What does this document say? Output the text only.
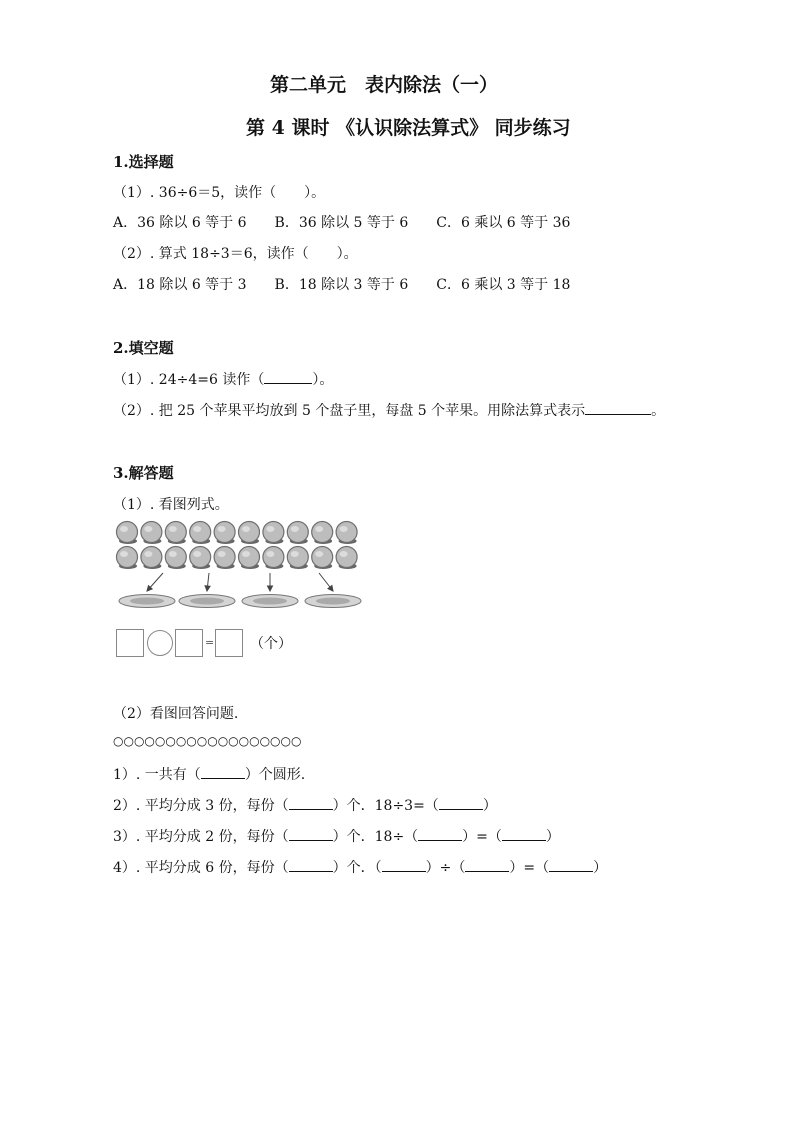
第二单元　表内除法（一）
第 4 课时 《认识除法算式》 同步练习
1.选择题
（1）. 36÷6＝5，读作（　　）。
A．36 除以 6 等于 6　　B．36 除以 5 等于 6　　C．6 乘以 6 等于 36
（2）. 算式 18÷3＝6，读作（　　）。
A．18 除以 6 等于 3　　B．18 除以 3 等于 6　　C．6 乘以 3 等于 18
2.填空题
（1）. 24÷4=6 读作（	）。
（2）. 把 25 个苹果平均放到 5 个盘子里，每盘 5 个苹果。用除法算式表示	。
3.解答题
（1）. 看图列式。
=	（个）
（2）看图回答问题.
○○○○○○○○○○○○○○○○○○
1）. 一共有（	）个圆形.
2）. 平均分成 3 份，每份（	）个．18÷3=（	）
3）. 平均分成 2 份，每份（	）个．18÷（	）=（	）
4）. 平均分成 6 份，每份（	）个．（	）÷（	）=（	）
